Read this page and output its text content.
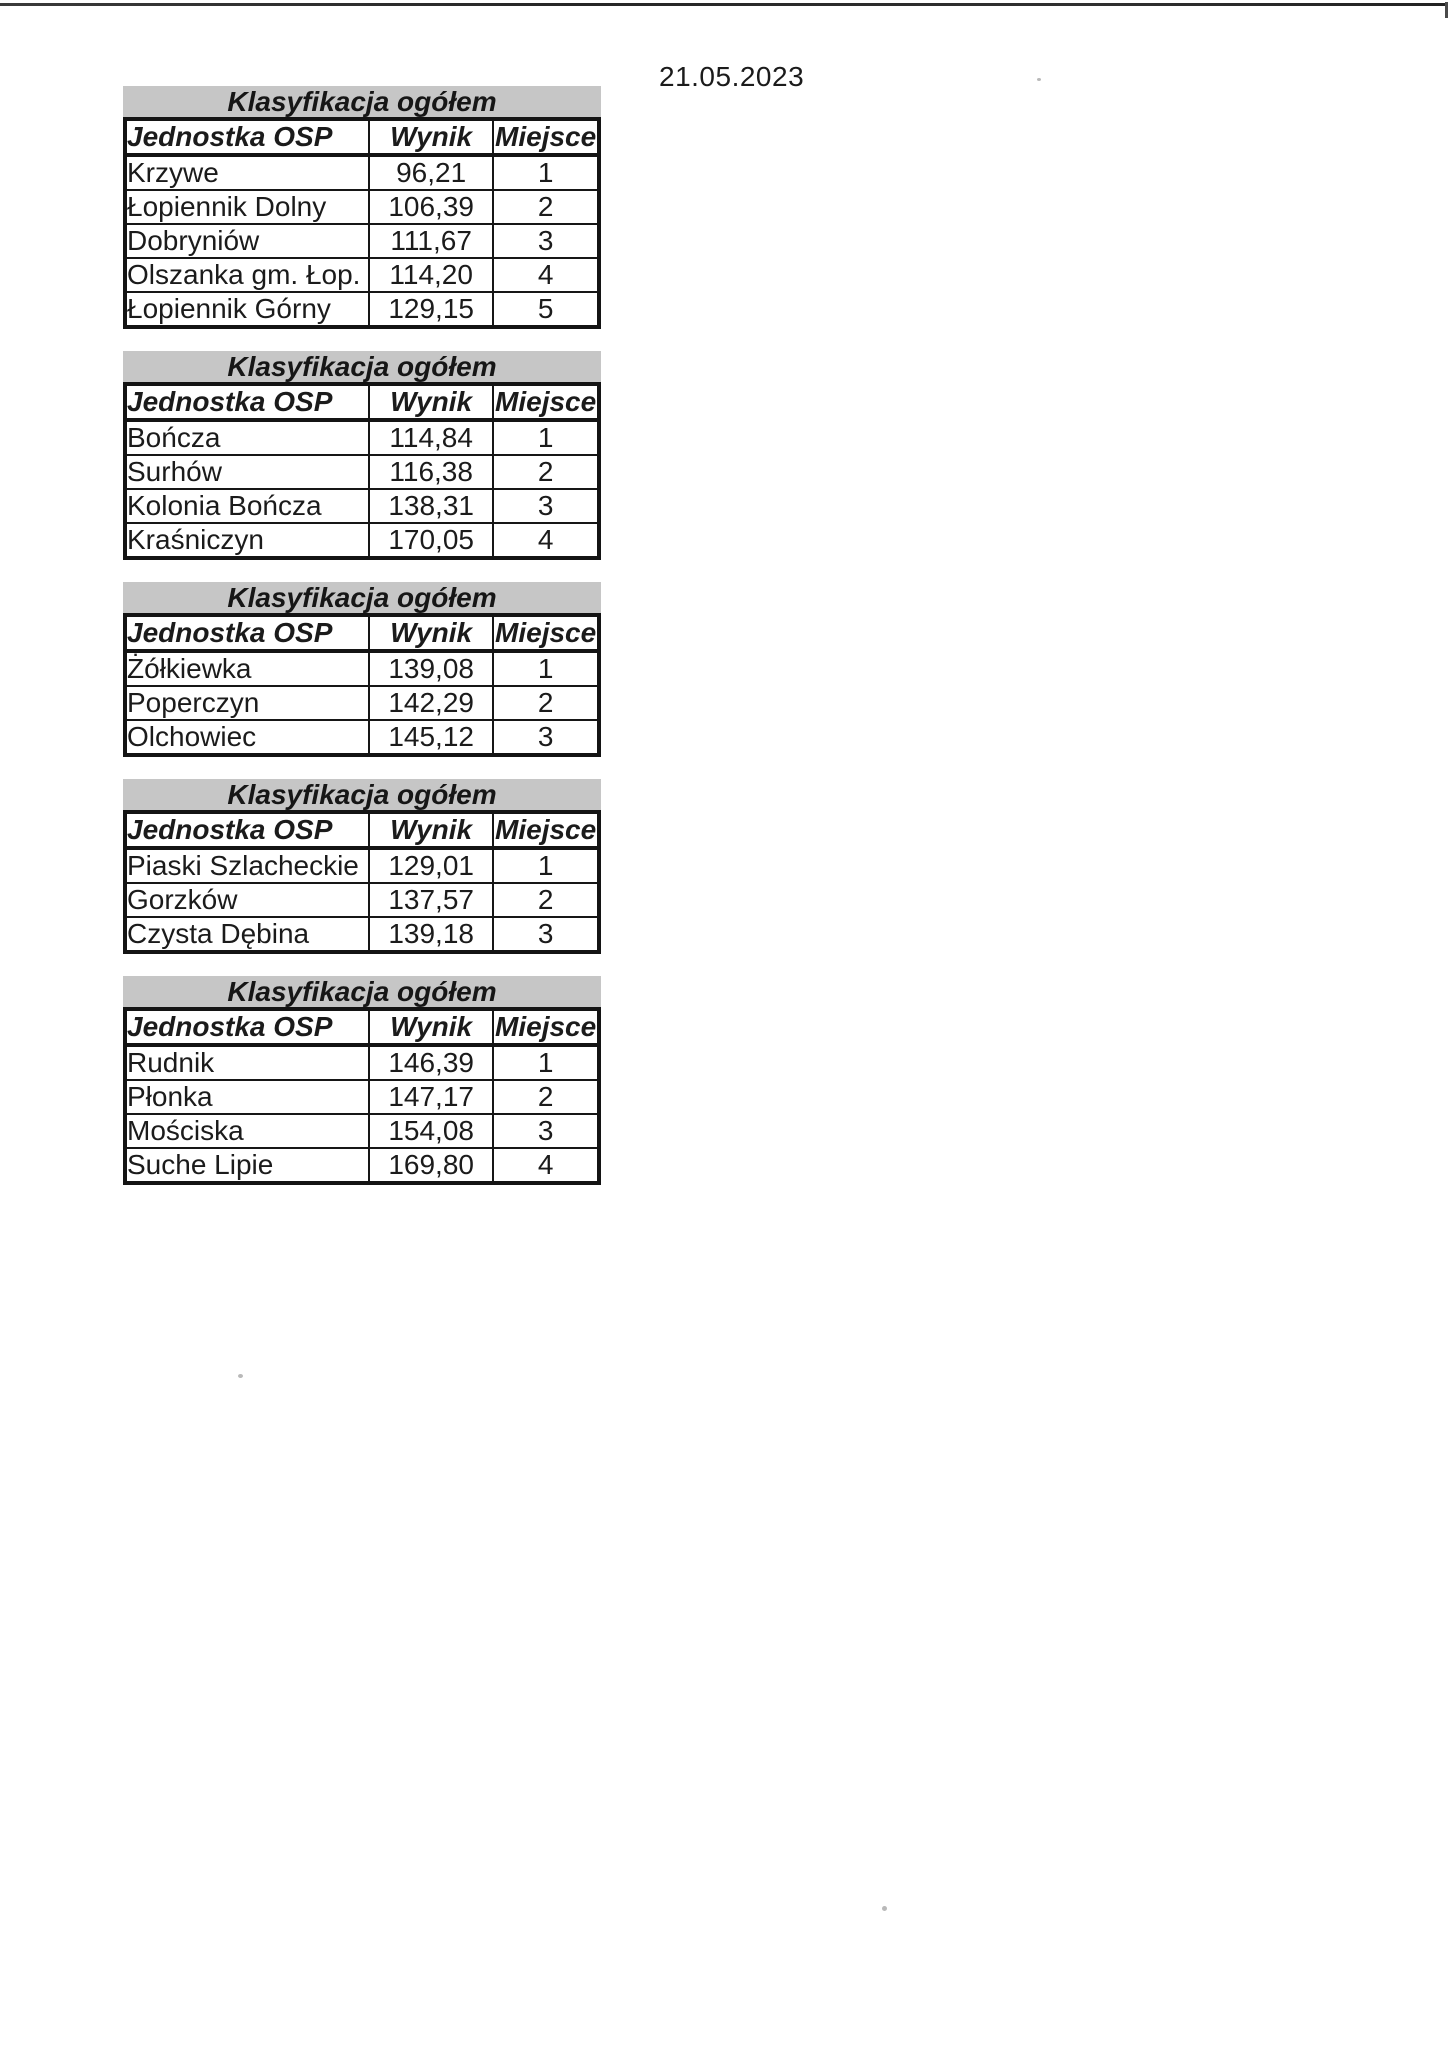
21.05.2023
Klasyfikacja ogółem
Jednostka OSP	Wynik	Miejsce
Krzywe	96,21	1
Łopiennik Dolny	106,39	2
Dobryniów	111,67	3
Olszanka gm. Łop.	114,20	4
Łopiennik Górny	129,15	5
Klasyfikacja ogółem
Jednostka OSP	Wynik	Miejsce
Bończa	114,84	1
Surhów	116,38	2
Kolonia Bończa	138,31	3
Kraśniczyn	170,05	4
Klasyfikacja ogółem
Jednostka OSP	Wynik	Miejsce
Żółkiewka	139,08	1
Poperczyn	142,29	2
Olchowiec	145,12	3
Klasyfikacja ogółem
Jednostka OSP	Wynik	Miejsce
Piaski Szlacheckie	129,01	1
Gorzków	137,57	2
Czysta Dębina	139,18	3
Klasyfikacja ogółem
Jednostka OSP	Wynik	Miejsce
Rudnik	146,39	1
Płonka	147,17	2
Mościska	154,08	3
Suche Lipie	169,80	4
